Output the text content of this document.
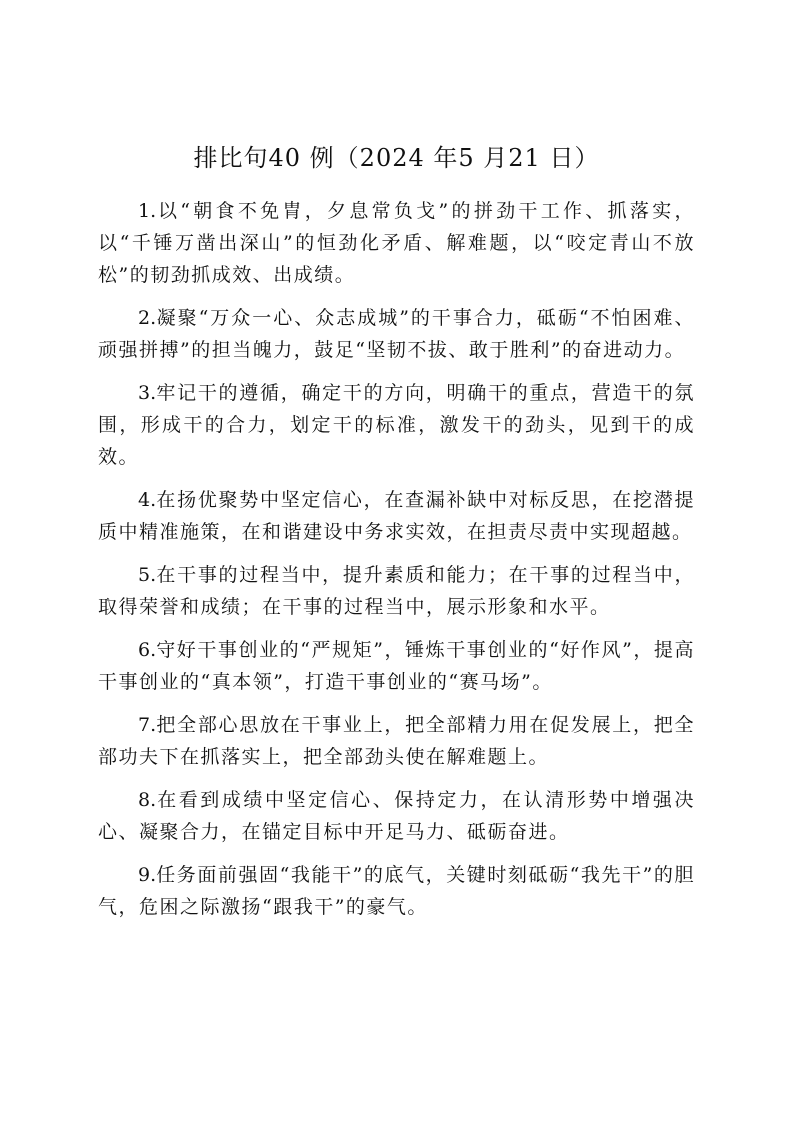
排比句40 例（2024 年5 月21 日）

1.以“朝食不免胄，夕息常负戈”的拼劲干工作、抓落实，以“千锤万凿出深山”的恒劲化矛盾、解难题，以“咬定青山不放松”的韧劲抓成效、出成绩。

2.凝聚“万众一心、众志成城”的干事合力，砥砺“不怕困难、顽强拼搏”的担当魄力，鼓足“坚韧不拔、敢于胜利”的奋进动力。

3.牢记干的遵循，确定干的方向，明确干的重点，营造干的氛围，形成干的合力，划定干的标准，激发干的劲头，见到干的成效。

4.在扬优聚势中坚定信心，在查漏补缺中对标反思，在挖潜提质中精准施策，在和谐建设中务求实效，在担责尽责中实现超越。

5.在干事的过程当中，提升素质和能力；在干事的过程当中，取得荣誉和成绩；在干事的过程当中，展示形象和水平。

6.守好干事创业的“严规矩”，锤炼干事创业的“好作风”，提高干事创业的“真本领”，打造干事创业的“赛马场”。

7.把全部心思放在干事业上，把全部精力用在促发展上，把全部功夫下在抓落实上，把全部劲头使在解难题上。

8.在看到成绩中坚定信心、保持定力，在认清形势中增强决心、凝聚合力，在锚定目标中开足马力、砥砺奋进。

9.任务面前强固“我能干”的底气，关键时刻砥砺“我先干”的胆气，危困之际激扬“跟我干”的豪气。
